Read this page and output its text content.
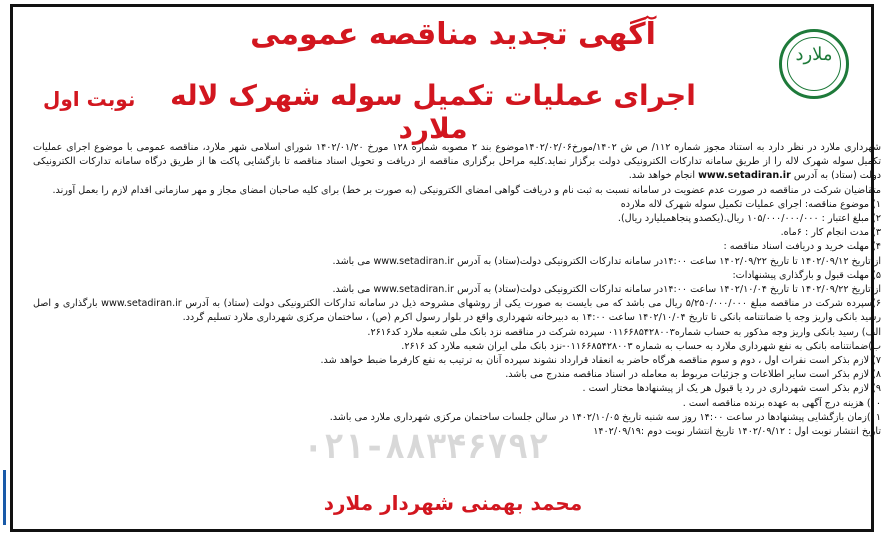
ملارد
آگهی تجدید مناقصه عمومی
اجرای عملیات تکمیل سوله شهرک لاله ملارد
نوبت اول

شهرداری ملارد در نظر دارد به استناد مجوز شماره ۱۱۲/ ص ش ۱۴۰۲/مورخ۱۴۰۲/۰۲/۰۶موضوع بند ۲ مصوبه شماره ۱۲۸ مورخ ۱۴۰۲/۰۱/۲۰ شورای اسلامی شهر ملارد، مناقصه عمومی با موضوع اجرای عملیات تکمیل سوله شهرک لاله را از طریق سامانه تدارکات الکترونیکی دولت برگزار نماید.کلیه مراحل برگزاری مناقصه از دریافت و تحویل اسناد مناقصه تا بازگشایی پاکت ها از طریق درگاه سامانه تدارکات الکترونیکی دولت (ستاد) به آدرس www.setadiran.ir انجام خواهد شد.

متقاضیان شرکت در مناقصه در صورت عدم عضویت در سامانه نسبت به ثبت نام و دریافت گواهی امضای الکترونیکی (به صورت بر خط) برای کلیه صاحبان امضای مجاز و مهر سازمانی اقدام لازم را بعمل آورند.

۱) موضوع مناقصه: اجرای عملیات تکمیل سوله شهرک لاله ملارده
۲) مبلغ اعتبار : ۱۰۵/۰۰۰/۰۰۰/۰۰۰ ریال.(یکصدو پنجاهمیلیارد ریال).
۳) مدت انجام کار : ۶ماه.
۴) مهلت خرید و دریافت اسناد مناقصه :
از تاریخ ۱۴۰۲/۰۹/۱۲ تا تاریخ ۱۴۰۲/۰۹/۲۲ ساعت ۱۴:۰۰در سامانه تدارکات الکترونیکی دولت(ستاد) به آدرس www.setadiran.ir می باشد.
۵) مهلت قبول و بارگذاری پیشنهادات:
از تاریخ ۱۴۰۲/۰۹/۲۲ تا تاریخ ۱۴۰۲/۱۰/۰۴ ساعت ۱۴:۰۰در سامانه تدارکات الکترونیکی دولت(ستاد) به آدرس www.setadiran.ir می باشد.
۶)سپرده شرکت در مناقصه مبلغ ۵/۲۵۰/۰۰۰/۰۰۰ ریال می باشد که می بایست به صورت یکی از روشهای مشروحه ذیل در سامانه تدارکات الکترونیکی دولت (ستاد) به آدرس www.setadiran.ir بارگذاری و اصل رسید بانکی واریز وجه یا ضمانتنامه بانکی تا تاریخ ۱۴۰۲/۱۰/۰۴ ساعت ۱۴:۰۰ به دبیرخانه شهرداری واقع در بلوار رسول اکرم (ص) ، ساختمان مرکزی شهرداری ملارد تسلیم گردد.
الف) رسید بانکی واریز وجه مذکور به حساب شماره۰۱۱۶۶۸۵۴۲۸۰۰۳ سپرده شرکت در مناقصه نزد بانک ملی شعبه ملارد کد۲۶۱۶.
ب)ضمانتنامه بانکی به نفع شهرداری ملارد به حساب به شماره ۰۱۱۶۶۸۵۴۲۸۰۰۳-نزد بانک ملی ایران شعبه ملارد کد ۲۶۱۶.
۷) لازم بذکر است نفرات اول ، دوم و سوم مناقصه هرگاه حاضر به انعقاد قرارداد نشوند سپرده آنان به ترتیب به نفع کارفرما ضبط خواهد شد.
۸) لازم بذکر است سایر اطلاعات و جزئیات مربوط به معامله در اسناد مناقصه مندرج می باشد.
۹) لازم بذکر است شهرداری در رد یا قبول هر یک از پیشنهادها مختار است .
۱۰) هزینه درج آگهی به عهده برنده مناقصه است .
۱۱)زمان بازگشایی پیشنهادها در ساعت ۱۴:۰۰ روز سه شنبه تاریخ ۱۴۰۲/۱۰/۰۵ در سالن جلسات ساختمان مرکزی شهرداری ملارد می باشد.
تاریخ انتشار نوبت اول : ۱۴۰۲/۰۹/۱۲ تاریخ انتشار نوبت دوم :۱۴۰۲/۰۹/۱۹
۰۲۱-۸۸۳۴۶۷۹۲
محمد بهمنی شهردار ملارد
